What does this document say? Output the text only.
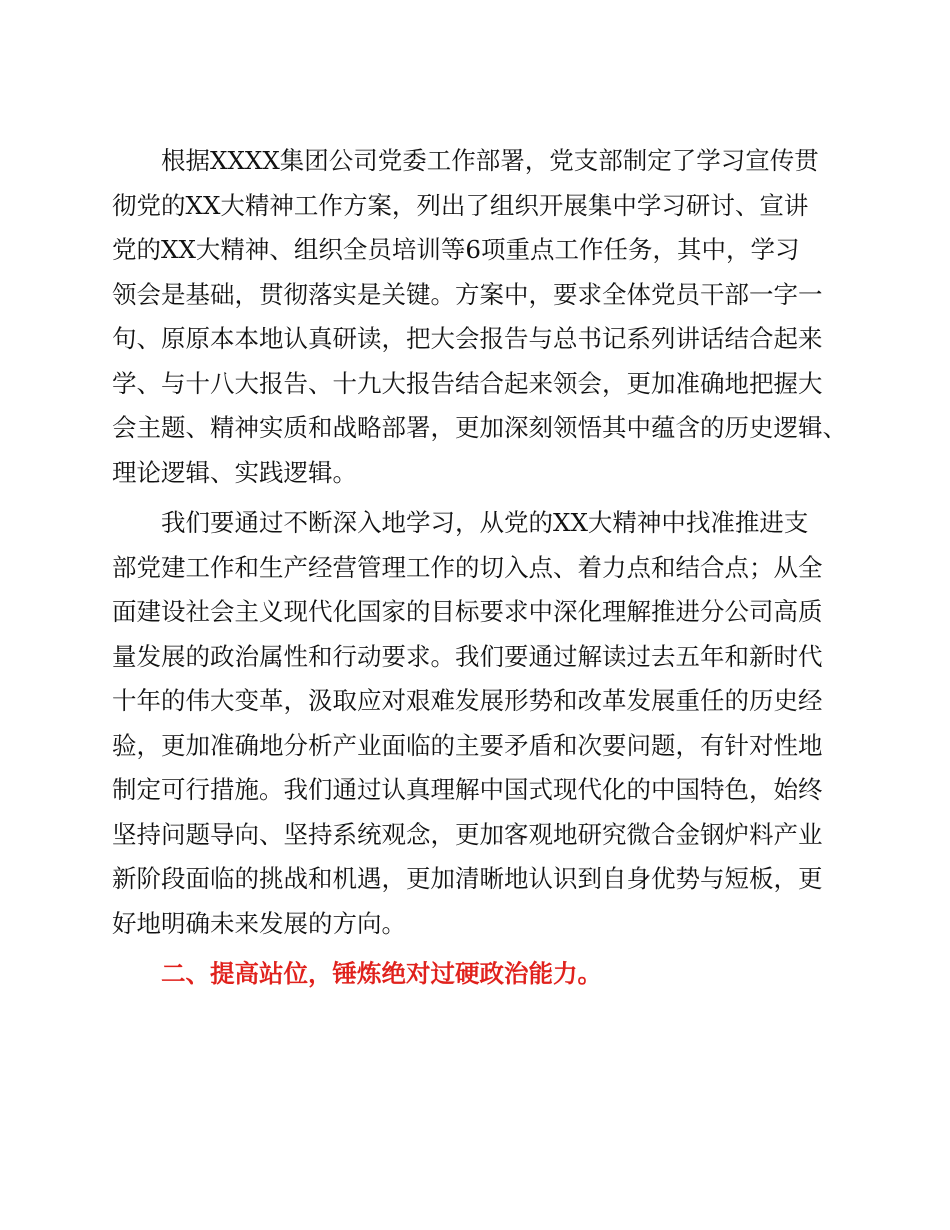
根据XXXX集团公司党委工作部署，党支部制定了学习宣传贯
彻党的XX大精神工作方案，列出了组织开展集中学习研讨、宣讲
党的XX大精神、组织全员培训等6项重点工作任务，其中，学习
领会是基础，贯彻落实是关键。方案中，要求全体党员干部一字一
句、原原本本地认真研读，把大会报告与总书记系列讲话结合起来
学、与十八大报告、十九大报告结合起来领会，更加准确地把握大
会主题、精神实质和战略部署，更加深刻领悟其中蕴含的历史逻辑、
理论逻辑、实践逻辑。
我们要通过不断深入地学习，从党的XX大精神中找准推进支
部党建工作和生产经营管理工作的切入点、着力点和结合点；从全
面建设社会主义现代化国家的目标要求中深化理解推进分公司高质
量发展的政治属性和行动要求。我们要通过解读过去五年和新时代
十年的伟大变革，汲取应对艰难发展形势和改革发展重任的历史经
验，更加准确地分析产业面临的主要矛盾和次要问题，有针对性地
制定可行措施。我们通过认真理解中国式现代化的中国特色，始终
坚持问题导向、坚持系统观念，更加客观地研究微合金钢炉料产业
新阶段面临的挑战和机遇，更加清晰地认识到自身优势与短板，更
好地明确未来发展的方向。
二、提高站位，锤炼绝对过硬政治能力。
